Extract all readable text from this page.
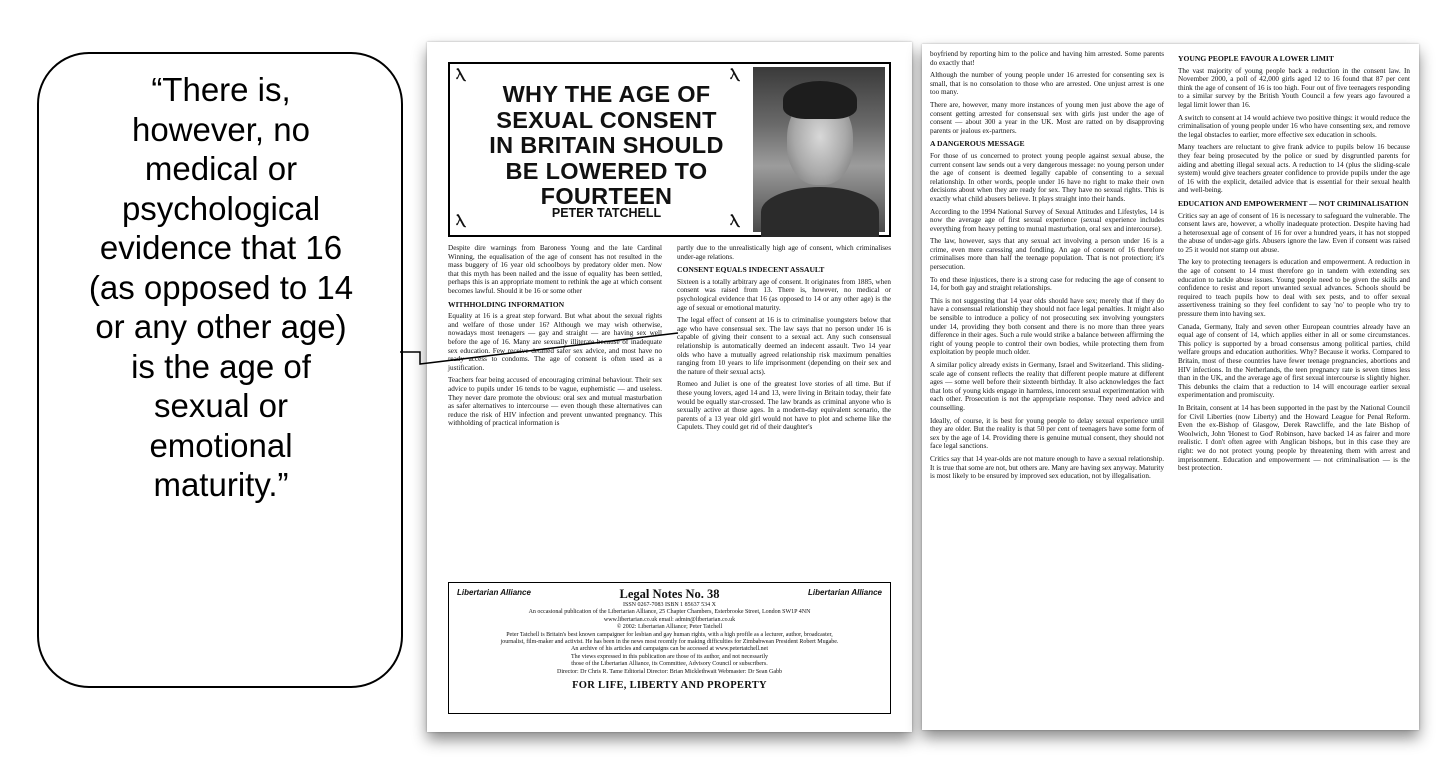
“There is,

however, no

medical or

psychological

evidence that 16

(as opposed to 14

or any other age)

is the age of

sexual or

emotional

maturity.”

Ⲗ	Ⲗ
Ⲗ	Ⲗ
WHY THE AGE OF
SEXUAL CONSENT
IN BRITAIN SHOULD
BE LOWERED TO
FOURTEEN
PETER TATCHELL

Despite dire warnings from Baroness Young and the late Cardinal Winning, the equalisation of the age of consent has not resulted in the mass buggery of 16 year old schoolboys by predatory older men. Now that this myth has been nailed and the issue of equality has been settled, perhaps this is an appropriate moment to rethink the age at which consent becomes lawful. Should it be 16 or some other

WITHHOLDING INFORMATION

Equality at 16 is a great step forward. But what about the sexual rights and welfare of those under 16? Although we may wish otherwise, nowadays most teenagers — gay and straight — are having sex well before the age of 16. Many are sexually illiterate because of inadequate sex education. Few receive detailed safer sex advice, and most have no ready access to condoms. The age of consent is often used as a justification.

Teachers fear being accused of encouraging criminal behaviour. Their sex advice to pupils under 16 tends to be vague, euphemistic — and useless. They never dare promote the obvious: oral sex and mutual masturbation as safer alternatives to intercourse — even though these alternatives can reduce the risk of HIV infection and prevent unwanted pregnancy. This withholding of practical information is

partly due to the unrealistically high age of consent, which criminalises under-age relations.

CONSENT EQUALS INDECENT ASSAULT

Sixteen is a totally arbitrary age of consent. It originates from 1885, when consent was raised from 13. There is, however, no medical or psychological evidence that 16 (as opposed to 14 or any other age) is the age of sexual or emotional maturity.

The legal effect of consent at 16 is to criminalise youngsters below that age who have consensual sex. The law says that no person under 16 is capable of giving their consent to a sexual act. Any such consensual relationship is automatically deemed an indecent assault. Two 14 year olds who have a mutually agreed relationship risk maximum penalties ranging from 10 years to life imprisonment (depending on their sex and the nature of their sexual acts).

Romeo and Juliet is one of the greatest love stories of all time. But if these young lovers, aged 14 and 13, were living in Britain today, their fate would be equally star-crossed. The law brands as criminal anyone who is sexually active at those ages. In a modern-day equivalent scenario, the parents of a 13 year old girl would not have to plot and scheme like the Capulets. They could get rid of their daughter's

Libertarian Alliance	Libertarian Alliance
Legal Notes No. 38
ISSN 0267-7083 ISBN 1 85637 534 X
An occasional publication of the Libertarian Alliance, 25 Chapter Chambers, Esterbrooke Street, London SW1P 4NN
www.libertarian.co.uk email: admin@libertarian.co.uk
© 2002: Libertarian Alliance; Peter Tatchell
Peter Tatchell is Britain's best known campaigner for lesbian and gay human rights, with a high profile as a lecturer, author, broadcaster,
journalist, film-maker and activist. He has been in the news most recently for making difficulties for Zimbabwean President Robert Mugabe.
An archive of his articles and campaigns can be accessed at www.petertatchell.net
The views expressed in this publication are those of its author, and not necessarily
those of the Libertarian Alliance, its Committee, Advisory Council or subscribers.
Director: Dr Chris R. Tame Editorial Director: Brian Micklethwait Webmaster: Dr Sean Gabb
FOR LIFE, LIBERTY AND PROPERTY

boyfriend by reporting him to the police and having him arrested. Some parents do exactly that!

Although the number of young people under 16 arrested for consenting sex is small, that is no consolation to those who are arrested. One unjust arrest is one too many.

There are, however, many more instances of young men just above the age of consent getting arrested for consensual sex with girls just under the age of consent — about 300 a year in the UK. Most are ratted on by disapproving parents or jealous ex-partners.

A DANGEROUS MESSAGE

For those of us concerned to protect young people against sexual abuse, the current consent law sends out a very dangerous message: no young person under the age of consent is deemed legally capable of consenting to a sexual relationship. In other words, people under 16 have no right to make their own decisions about when they are ready for sex. They have no sexual rights. This is exactly what child abusers believe. It plays straight into their hands.

According to the 1994 National Survey of Sexual Attitudes and Lifestyles, 14 is now the average age of first sexual experience (sexual experience includes everything from heavy petting to mutual masturbation, oral sex and intercourse).

The law, however, says that any sexual act involving a person under 16 is a crime, even mere caressing and fondling. An age of consent of 16 therefore criminalises more than half the teenage population. That is not protection; it's persecution.

To end these injustices, there is a strong case for reducing the age of consent to 14, for both gay and straight relationships.

This is not suggesting that 14 year olds should have sex; merely that if they do have a consensual relationship they should not face legal penalties. It might also be sensible to introduce a policy of not prosecuting sex involving youngsters under 14, providing they both consent and there is no more than three years difference in their ages. Such a rule would strike a balance between affirming the right of young people to control their own bodies, while protecting them from exploitation by people much older.

A similar policy already exists in Germany, Israel and Switzerland. This sliding-scale age of consent reflects the reality that different people mature at different ages — some well before their sixteenth birthday. It also acknowledges the fact that lots of young kids engage in harmless, innocent sexual experimentation with each other. Prosecution is not the appropriate response. They need advice and counselling.

Ideally, of course, it is best for young people to delay sexual experience until they are older. But the reality is that 50 per cent of teenagers have some form of sex by the age of 14. Providing there is genuine mutual consent, they should not face legal sanctions.

Critics say that 14 year-olds are not mature enough to have a sexual relationship. It is true that some are not, but others are. Many are having sex anyway. Maturity is most likely to be ensured by improved sex education, not by illegalisation.

YOUNG PEOPLE FAVOUR A LOWER LIMIT

The vast majority of young people back a reduction in the consent law. In November 2000, a poll of 42,000 girls aged 12 to 16 found that 87 per cent think the age of consent of 16 is too high. Four out of five teenagers responding to a similar survey by the British Youth Council a few years ago favoured a legal limit lower than 16.

A switch to consent at 14 would achieve two positive things: it would reduce the criminalisation of young people under 16 who have consenting sex, and remove the legal obstacles to earlier, more effective sex education in schools.

Many teachers are reluctant to give frank advice to pupils below 16 because they fear being prosecuted by the police or sued by disgruntled parents for aiding and abetting illegal sexual acts. A reduction to 14 (plus the sliding-scale system) would give teachers greater confidence to provide pupils under the age of 16 with the explicit, detailed advice that is essential for their sexual health and well-being.

EDUCATION AND EMPOWERMENT — NOT CRIMINALISATION

Critics say an age of consent of 16 is necessary to safeguard the vulnerable. The consent laws are, however, a wholly inadequate protection. Despite having had a heterosexual age of consent of 16 for over a hundred years, it has not stopped the abuse of under-age girls. Abusers ignore the law. Even if consent was raised to 25 it would not stamp out abuse.

The key to protecting teenagers is education and empowerment. A reduction in the age of consent to 14 must therefore go in tandem with extending sex education to tackle abuse issues. Young people need to be given the skills and confidence to resist and report unwanted sexual advances. Schools should be required to teach pupils how to deal with sex pests, and to offer sexual assertiveness training so they feel confident to say 'no' to people who try to pressure them into having sex.

Canada, Germany, Italy and seven other European countries already have an equal age of consent of 14, which applies either in all or some circumstances. This policy is supported by a broad consensus among political parties, child welfare groups and education authorities. Why? Because it works. Compared to Britain, most of these countries have fewer teenage pregnancies, abortions and HIV infections. In the Netherlands, the teen pregnancy rate is seven times less than in the UK, and the average age of first sexual intercourse is slightly higher. This debunks the claim that a reduction to 14 will encourage earlier sexual experimentation and promiscuity.

In Britain, consent at 14 has been supported in the past by the National Council for Civil Liberties (now Liberty) and the Howard League for Penal Reform. Even the ex-Bishop of Glasgow, Derek Rawcliffe, and the late Bishop of Woolwich, John 'Honest to God' Robinson, have backed 14 as fairer and more realistic. I don't often agree with Anglican bishops, but in this case they are right: we do not protect young people by threatening them with arrest and imprisonment. Education and empowerment — not criminalisation — is the best protection.
